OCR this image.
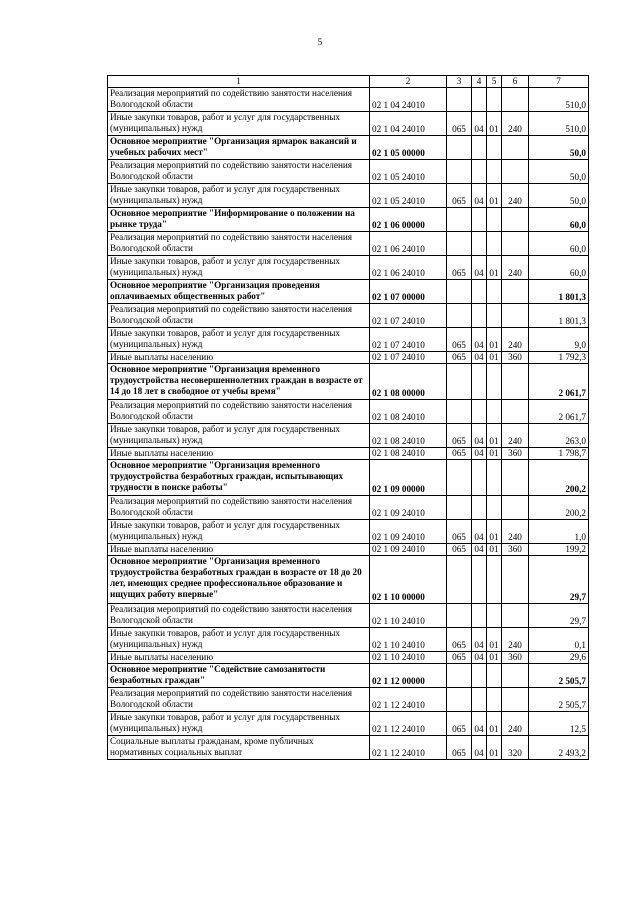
5
1	2	3	4	5	6	7
Реализация мероприятий по содействию занятости населения Вологодской области	02 1 04 24010					510,0
Иные закупки товаров, работ и услуг для государственных (муниципальных) нужд	02 1 04 24010	065	04	01	240	510,0
Основное мероприятие "Организация ярмарок вакансий и учебных рабочих мест"	02 1 05 00000					50,0
Реализация мероприятий по содействию занятости населения Вологодской области	02 1 05 24010					50,0
Иные закупки товаров, работ и услуг для государственных (муниципальных) нужд	02 1 05 24010	065	04	01	240	50,0
Основное мероприятие "Информирование о положении на рынке труда"	02 1 06 00000					60,0
Реализация мероприятий по содействию занятости населения Вологодской области	02 1 06 24010					60,0
Иные закупки товаров, работ и услуг для государственных (муниципальных) нужд	02 1 06 24010	065	04	01	240	60,0
Основное мероприятие "Организация проведения оплачиваемых общественных работ"	02 1 07 00000					1 801,3
Реализация мероприятий по содействию занятости населения Вологодской области	02 1 07 24010					1 801,3
Иные закупки товаров, работ и услуг для государственных (муниципальных) нужд	02 1 07 24010	065	04	01	240	9,0
Иные выплаты населению	02 1 07 24010	065	04	01	360	1 792,3
Основное мероприятие "Организация временного трудоустройства несовершеннолетних граждан в возрасте от 14 до 18 лет в свободное от учебы время"	02 1 08 00000					2 061,7
Реализация мероприятий по содействию занятости населения Вологодской области	02 1 08 24010					2 061,7
Иные закупки товаров, работ и услуг для государственных (муниципальных) нужд	02 1 08 24010	065	04	01	240	263,0
Иные выплаты населению	02 1 08 24010	065	04	01	360	1 798,7
Основное мероприятие "Организация временного трудоустройства безработных граждан, испытывающих трудности в поиске работы"	02 1 09 00000					200,2
Реализация мероприятий по содействию занятости населения Вологодской области	02 1 09 24010					200,2
Иные закупки товаров, работ и услуг для государственных (муниципальных) нужд	02 1 09 24010	065	04	01	240	1,0
Иные выплаты населению	02 1 09 24010	065	04	01	360	199,2
Основное мероприятие "Организация временного трудоустройства безработных граждан в возрасте от 18 до 20 лет, имеющих среднее профессиональное образование и ищущих работу впервые"	02 1 10 00000					29,7
Реализация мероприятий по содействию занятости населения Вологодской области	02 1 10 24010					29,7
Иные закупки товаров, работ и услуг для государственных (муниципальных) нужд	02 1 10 24010	065	04	01	240	0,1
Иные выплаты населению	02 1 10 24010	065	04	01	360	29,6
Основное мероприятие "Содействие самозанятости безработных граждан"	02 1 12 00000					2 505,7
Реализация мероприятий по содействию занятости населения Вологодской области	02 1 12 24010					2 505,7
Иные закупки товаров, работ и услуг для государственных (муниципальных) нужд	02 1 12 24010	065	04	01	240	12,5
Социальные выплаты гражданам, кроме публичных нормативных социальных выплат	02 1 12 24010	065	04	01	320	2 493,2
